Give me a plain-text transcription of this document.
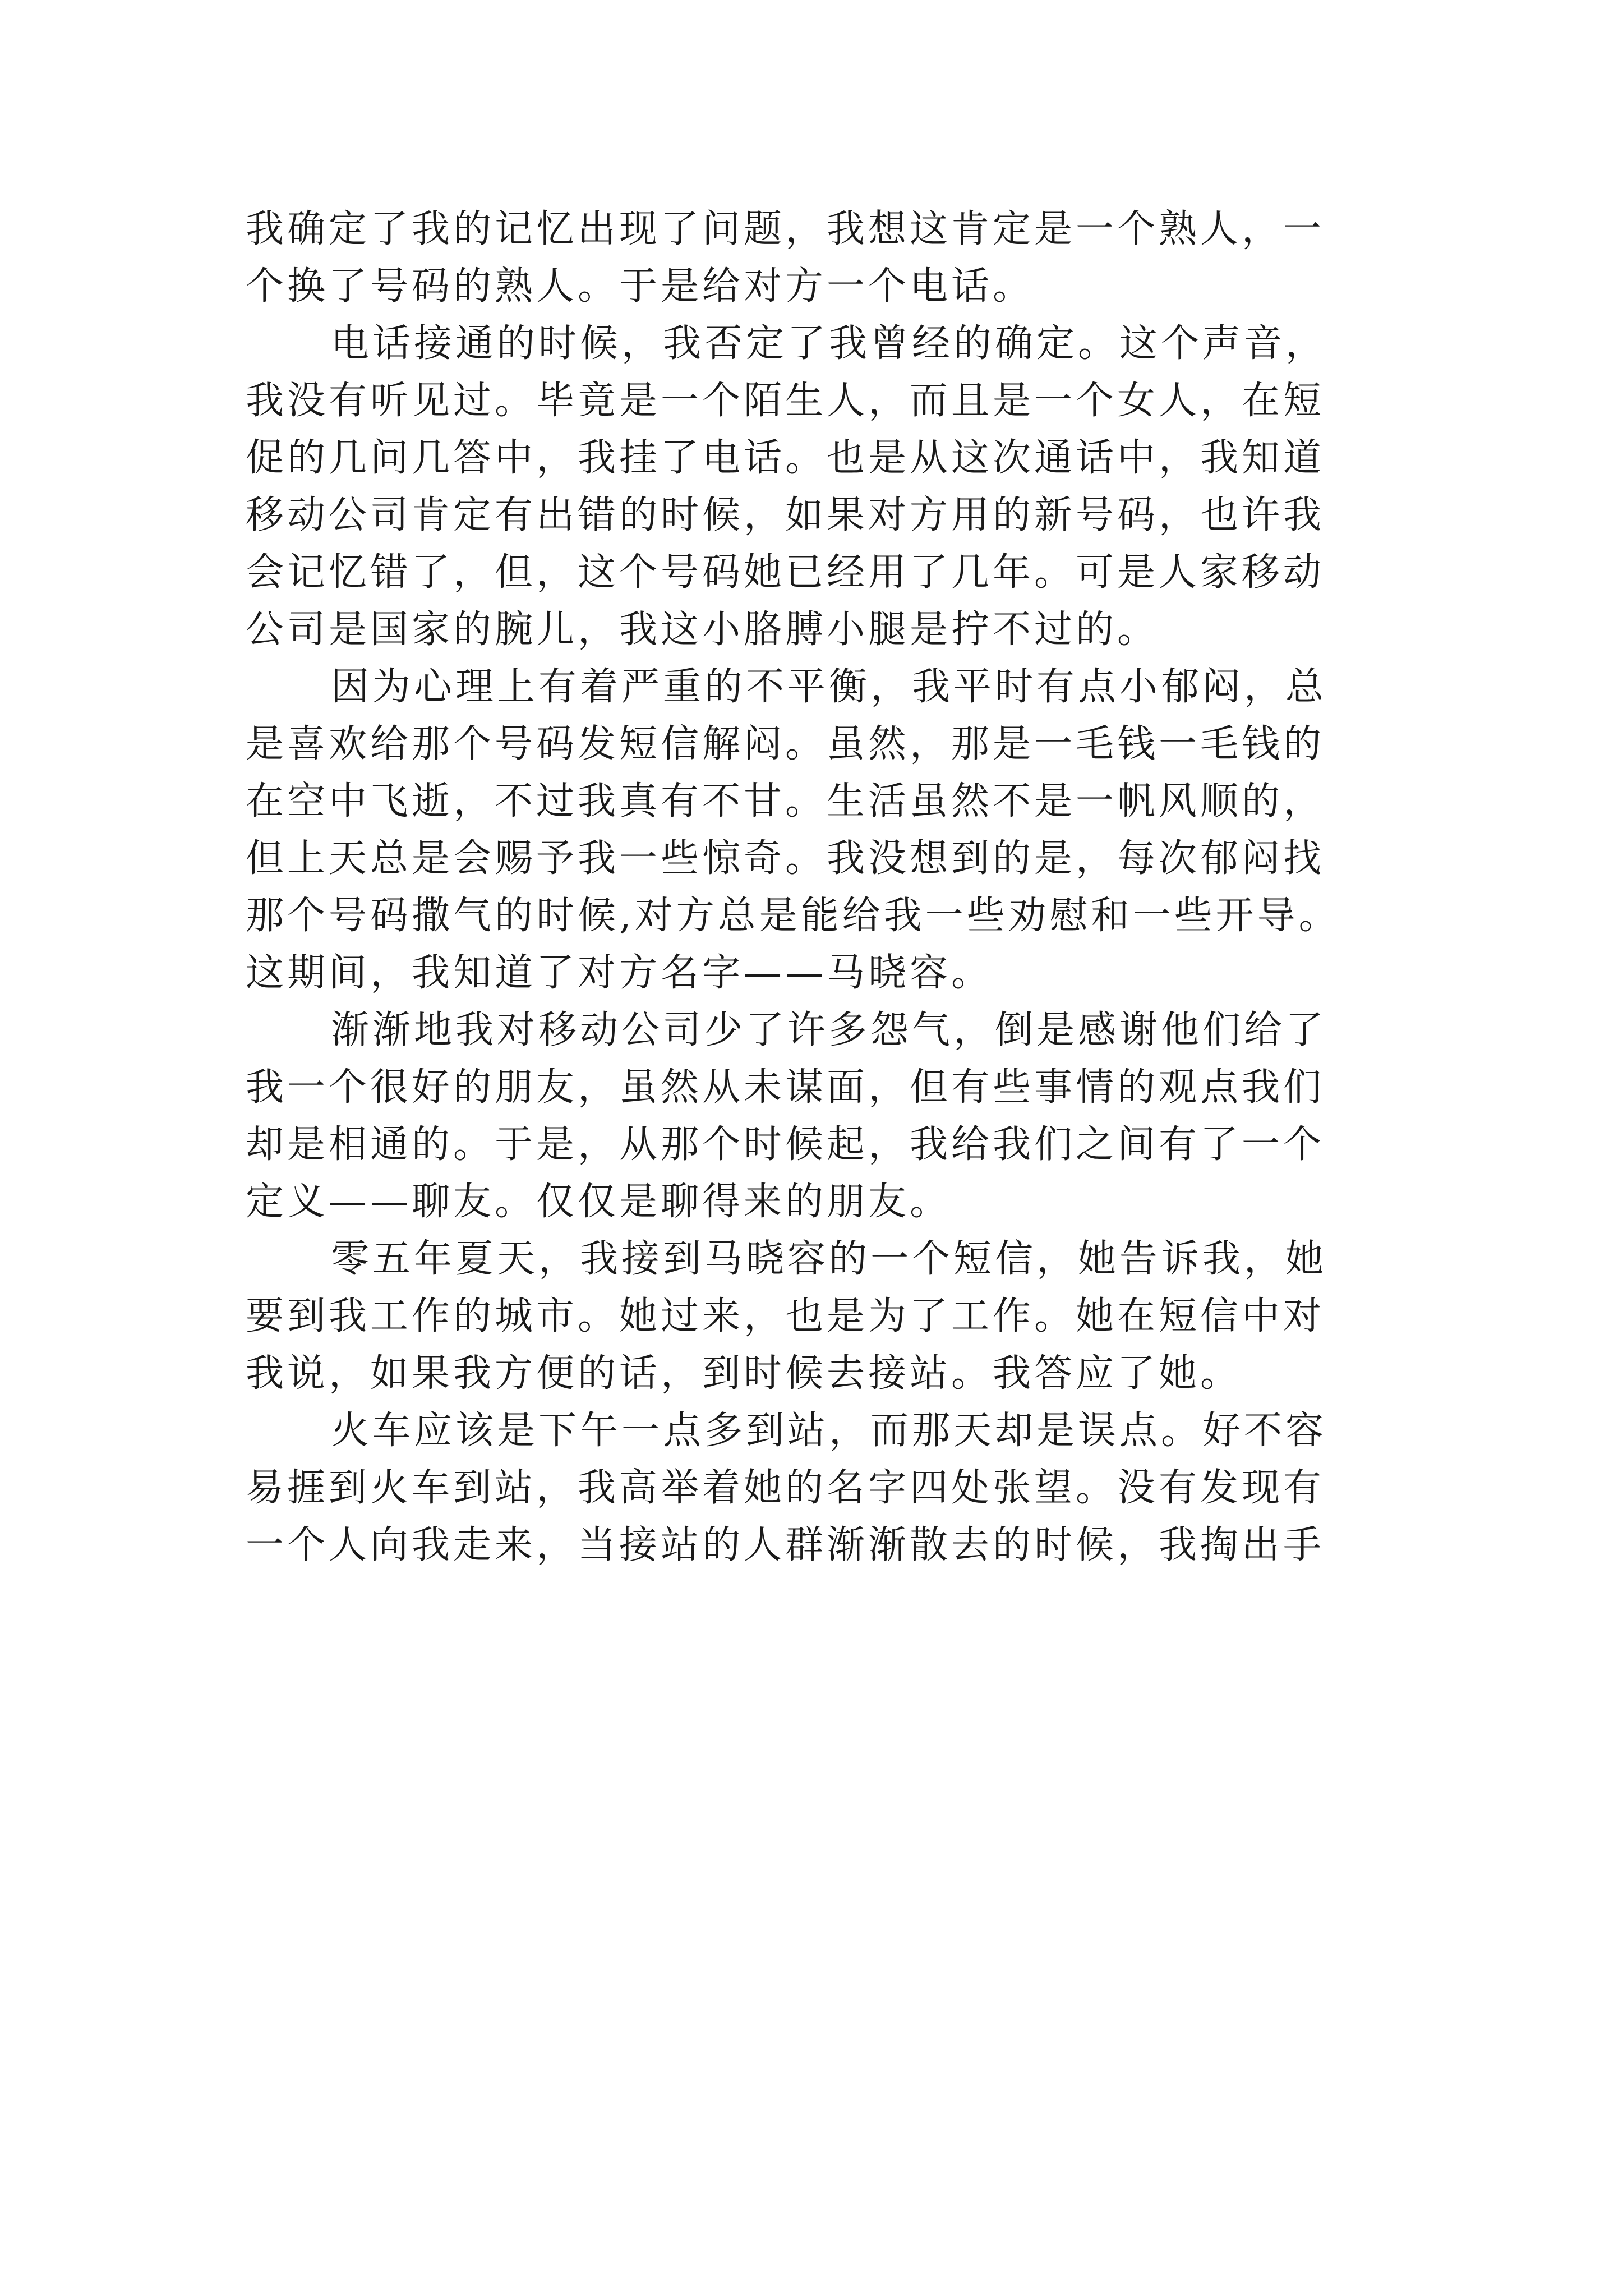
我确定了我的记忆出现了问题，我想这肯定是一个熟人，一
个换了号码的熟人。于是给对方一个电话。
电话接通的时候，我否定了我曾经的确定。这个声音，
我没有听见过。毕竟是一个陌生人，而且是一个女人，在短
促的几问几答中，我挂了电话。也是从这次通话中，我知道
移动公司肯定有出错的时候，如果对方用的新号码，也许我
会记忆错了，但，这个号码她已经用了几年。可是人家移动
公司是国家的腕儿，我这小胳膊小腿是拧不过的。
因为心理上有着严重的不平衡，我平时有点小郁闷，总
是喜欢给那个号码发短信解闷。虽然，那是一毛钱一毛钱的
在空中飞逝，不过我真有不甘。生活虽然不是一帆风顺的，
但上天总是会赐予我一些惊奇。我没想到的是，每次郁闷找
那个号码撒气的时候,对方总是能给我一些劝慰和一些开导。
这期间，我知道了对方名字——马晓容。
渐渐地我对移动公司少了许多怨气，倒是感谢他们给了
我一个很好的朋友，虽然从未谋面，但有些事情的观点我们
却是相通的。于是，从那个时候起，我给我们之间有了一个
定义——聊友。仅仅是聊得来的朋友。
零五年夏天，我接到马晓容的一个短信，她告诉我，她
要到我工作的城市。她过来，也是为了工作。她在短信中对
我说，如果我方便的话，到时候去接站。我答应了她。
火车应该是下午一点多到站，而那天却是误点。好不容
易捱到火车到站，我高举着她的名字四处张望。没有发现有
一个人向我走来，当接站的人群渐渐散去的时候，我掏出手
